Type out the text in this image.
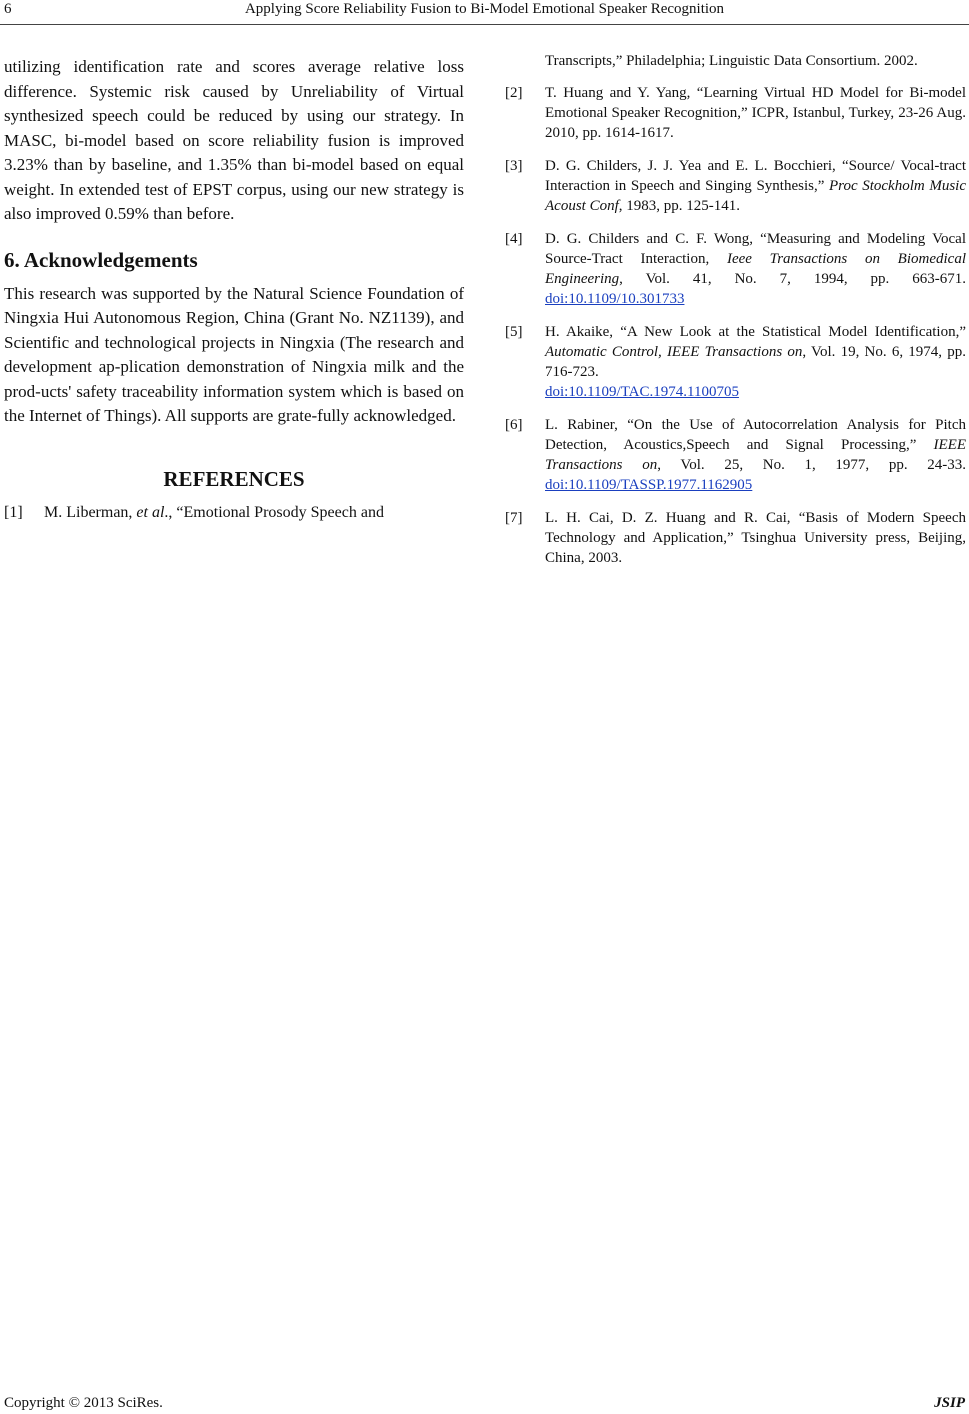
6	Applying Score Reliability Fusion to Bi-Model Emotional Speaker Recognition

utilizing identification rate and scores average relative loss difference. Systemic risk caused by Unreliability of Virtual synthesized speech could be reduced by using our strategy. In MASC, bi-model based on score reliability fusion is improved 3.23% than by baseline, and 1.35% than bi-model based on equal weight. In extended test of EPST corpus, using our new strategy is also improved 0.59% than before.

6. Acknowledgements

This research was supported by the Natural Science Foundation of Ningxia Hui Autonomous Region, China (Grant No. NZ1139), and Scientific and technological projects in Ningxia (The research and development ap-plication demonstration of Ningxia milk and the prod-ucts' safety traceability information system which is based on the Internet of Things). All supports are grate-fully acknowledged.

REFERENCES
[1] M. Liberman, et al., “Emotional Prosody Speech and

Transcripts,” Philadelphia; Linguistic Data Consortium. 2002.

[2] T. Huang and Y. Yang, “Learning Virtual HD Model for Bi-model Emotional Speaker Recognition,” ICPR, Istanbul, Turkey, 23-26 Aug. 2010, pp. 1614-1617.
[3] D. G. Childers, J. J. Yea and E. L. Bocchieri, “Source/ Vocal-tract Interaction in Speech and Singing Synthesis,” Proc Stockholm Music Acoust Conf, 1983, pp. 125-141.
[4] D. G. Childers and C. F. Wong, “Measuring and Modeling Vocal Source-Tract Interaction, Ieee Transactions on Biomedical Engineering, Vol. 41, No. 7, 1994, pp. 663-671. doi:10.1109/10.301733
[5] H. Akaike, “A New Look at the Statistical Model Identification,” Automatic Control, IEEE Transactions on, Vol. 19, No. 6, 1974, pp. 716-723.
doi:10.1109/TAC.1974.1100705
[6] L. Rabiner, “On the Use of Autocorrelation Analysis for Pitch Detection, Acoustics,Speech and Signal Processing,” IEEE Transactions on, Vol. 25, No. 1, 1977, pp. 24-33. doi:10.1109/TASSP.1977.1162905
[7] L. H. Cai, D. Z. Huang and R. Cai, “Basis of Modern Speech Technology and Application,” Tsinghua University press, Beijing, China, 2003.
Copyright © 2013 SciRes.	JSIP
